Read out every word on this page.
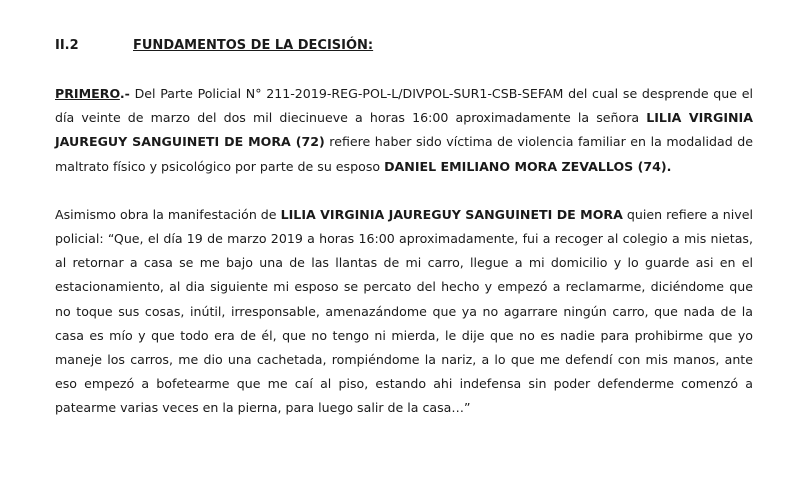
II.2	FUNDAMENTOS DE LA DECISIÓN:

PRIMERO.- Del Parte Policial N° 211-2019-REG-POL-L/DIVPOL-SUR1-CSB-SEFAM del cual se desprende que el día veinte de marzo del dos mil diecinueve a horas 16:00 aproximadamente la señora LILIA VIRGINIA JAUREGUY SANGUINETI DE MORA (72) refiere haber sido víctima de violencia familiar en la modalidad de maltrato físico y psicológico por parte de su esposo DANIEL EMILIANO MORA ZEVALLOS (74).

Asimismo obra la manifestación de LILIA VIRGINIA JAUREGUY SANGUINETI DE MORA quien refiere a nivel policial: “Que, el día 19 de marzo 2019 a horas 16:00 aproximadamente, fui a recoger al colegio a mis nietas, al retornar a casa se me bajo una de las llantas de mi carro, llegue a mi domicilio y lo guarde asi en el estacionamiento, al dia siguiente mi esposo se percato del hecho y empezó a reclamarme, diciéndome que no toque sus cosas, inútil, irresponsable, amenazándome que ya no agarrare ningún carro, que nada de la casa es mío y que todo era de él, que no tengo ni mierda, le dije que no es nadie para prohibirme que yo maneje los carros, me dio una cachetada, rompiéndome la nariz, a lo que me defendí con mis manos, ante eso empezó a bofetearme que me caí al piso, estando ahi indefensa sin poder defenderme comenzó a patearme varias veces en la pierna, para luego salir de la casa…”
